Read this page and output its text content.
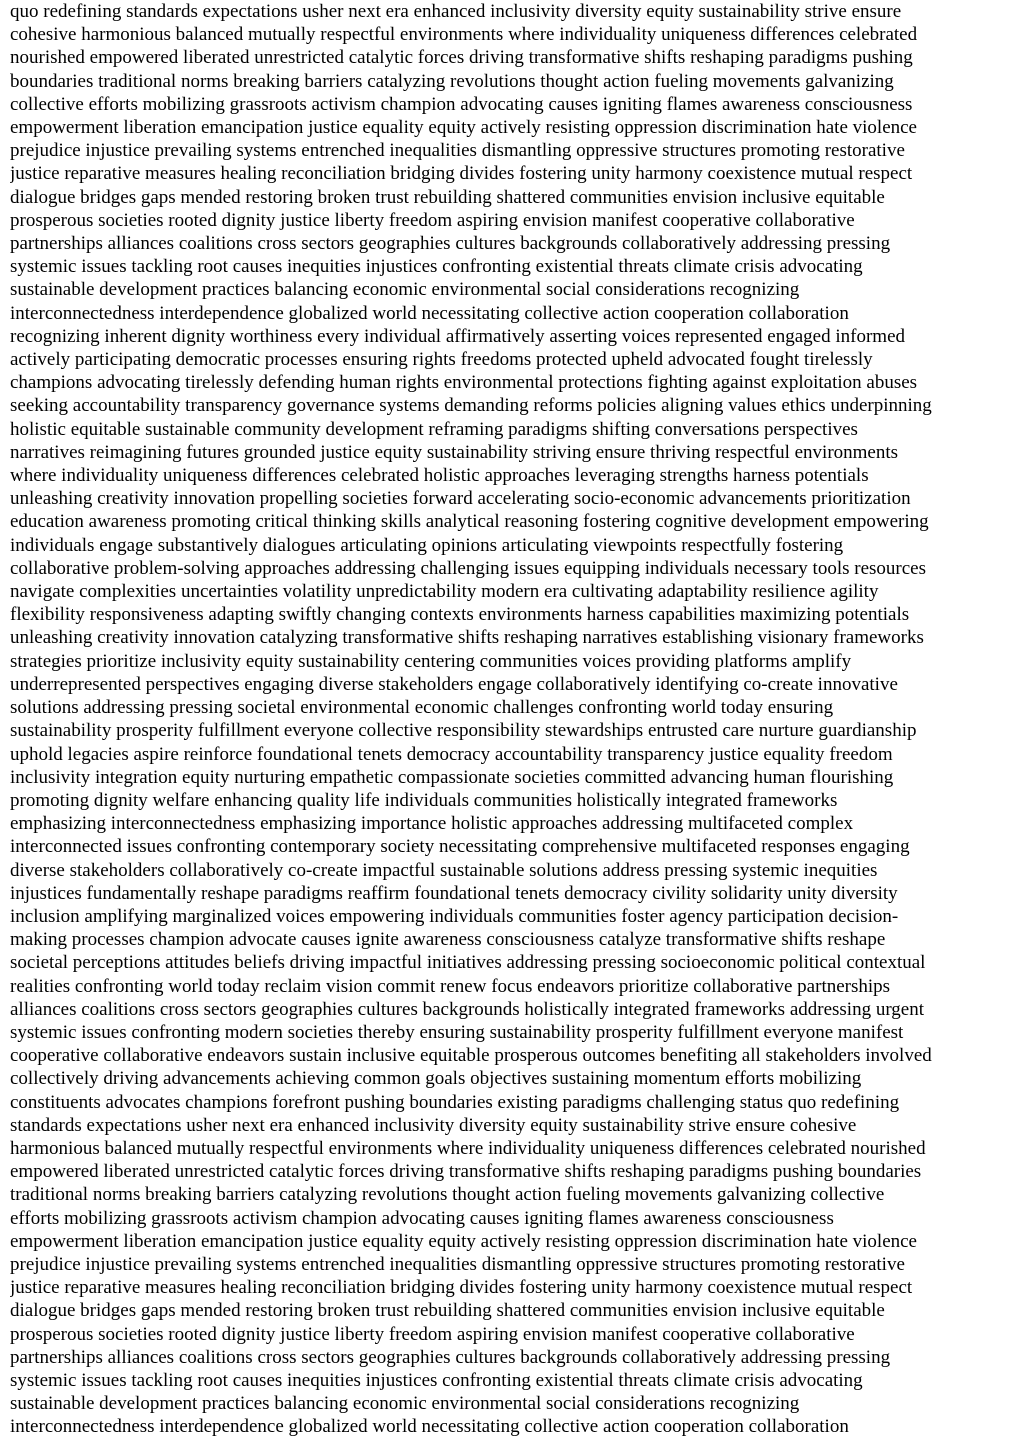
quo redefining standards expectations usher next era enhanced inclusivity diversity equity sustainability strive ensure
cohesive harmonious balanced mutually respectful environments where individuality uniqueness differences celebrated
nourished empowered liberated unrestricted catalytic forces driving transformative shifts reshaping paradigms pushing
boundaries traditional norms breaking barriers catalyzing revolutions thought action fueling movements galvanizing
collective efforts mobilizing grassroots activism champion advocating causes igniting flames awareness consciousness
empowerment liberation emancipation justice equality equity actively resisting oppression discrimination hate violence
prejudice injustice prevailing systems entrenched inequalities dismantling oppressive structures promoting restorative
justice reparative measures healing reconciliation bridging divides fostering unity harmony coexistence mutual respect
dialogue bridges gaps mended restoring broken trust rebuilding shattered communities envision inclusive equitable
prosperous societies rooted dignity justice liberty freedom aspiring envision manifest cooperative collaborative
partnerships alliances coalitions cross sectors geographies cultures backgrounds collaboratively addressing pressing
systemic issues tackling root causes inequities injustices confronting existential threats climate crisis advocating
sustainable development practices balancing economic environmental social considerations recognizing
interconnectedness interdependence globalized world necessitating collective action cooperation collaboration
recognizing inherent dignity worthiness every individual affirmatively asserting voices represented engaged informed
actively participating democratic processes ensuring rights freedoms protected upheld advocated fought tirelessly
champions advocating tirelessly defending human rights environmental protections fighting against exploitation abuses
seeking accountability transparency governance systems demanding reforms policies aligning values ethics underpinning
holistic equitable sustainable community development reframing paradigms shifting conversations perspectives
narratives reimagining futures grounded justice equity sustainability striving ensure thriving respectful environments
where individuality uniqueness differences celebrated holistic approaches leveraging strengths harness potentials
unleashing creativity innovation propelling societies forward accelerating socio-economic advancements prioritization
education awareness promoting critical thinking skills analytical reasoning fostering cognitive development empowering
individuals engage substantively dialogues articulating opinions articulating viewpoints respectfully fostering
collaborative problem-solving approaches addressing challenging issues equipping individuals necessary tools resources
navigate complexities uncertainties volatility unpredictability modern era cultivating adaptability resilience agility
flexibility responsiveness adapting swiftly changing contexts environments harness capabilities maximizing potentials
unleashing creativity innovation catalyzing transformative shifts reshaping narratives establishing visionary frameworks
strategies prioritize inclusivity equity sustainability centering communities voices providing platforms amplify
underrepresented perspectives engaging diverse stakeholders engage collaboratively identifying co-create innovative
solutions addressing pressing societal environmental economic challenges confronting world today ensuring
sustainability prosperity fulfillment everyone collective responsibility stewardships entrusted care nurture guardianship
uphold legacies aspire reinforce foundational tenets democracy accountability transparency justice equality freedom
inclusivity integration equity nurturing empathetic compassionate societies committed advancing human flourishing
promoting dignity welfare enhancing quality life individuals communities holistically integrated frameworks
emphasizing interconnectedness emphasizing importance holistic approaches addressing multifaceted complex
interconnected issues confronting contemporary society necessitating comprehensive multifaceted responses engaging
diverse stakeholders collaboratively co-create impactful sustainable solutions address pressing systemic inequities
injustices fundamentally reshape paradigms reaffirm foundational tenets democracy civility solidarity unity diversity
inclusion amplifying marginalized voices empowering individuals communities foster agency participation decision-
making processes champion advocate causes ignite awareness consciousness catalyze transformative shifts reshape
societal perceptions attitudes beliefs driving impactful initiatives addressing pressing socioeconomic political contextual
realities confronting world today reclaim vision commit renew focus endeavors prioritize collaborative partnerships
alliances coalitions cross sectors geographies cultures backgrounds holistically integrated frameworks addressing urgent
systemic issues confronting modern societies thereby ensuring sustainability prosperity fulfillment everyone manifest
cooperative collaborative endeavors sustain inclusive equitable prosperous outcomes benefiting all stakeholders involved
collectively driving advancements achieving common goals objectives sustaining momentum efforts mobilizing
constituents advocates champions forefront pushing boundaries existing paradigms challenging status quo redefining
standards expectations usher next era enhanced inclusivity diversity equity sustainability strive ensure cohesive
harmonious balanced mutually respectful environments where individuality uniqueness differences celebrated nourished
empowered liberated unrestricted catalytic forces driving transformative shifts reshaping paradigms pushing boundaries
traditional norms breaking barriers catalyzing revolutions thought action fueling movements galvanizing collective
efforts mobilizing grassroots activism champion advocating causes igniting flames awareness consciousness
empowerment liberation emancipation justice equality equity actively resisting oppression discrimination hate violence
prejudice injustice prevailing systems entrenched inequalities dismantling oppressive structures promoting restorative
justice reparative measures healing reconciliation bridging divides fostering unity harmony coexistence mutual respect
dialogue bridges gaps mended restoring broken trust rebuilding shattered communities envision inclusive equitable
prosperous societies rooted dignity justice liberty freedom aspiring envision manifest cooperative collaborative
partnerships alliances coalitions cross sectors geographies cultures backgrounds collaboratively addressing pressing
systemic issues tackling root causes inequities injustices confronting existential threats climate crisis advocating
sustainable development practices balancing economic environmental social considerations recognizing
interconnectedness interdependence globalized world necessitating collective action cooperation collaboration
